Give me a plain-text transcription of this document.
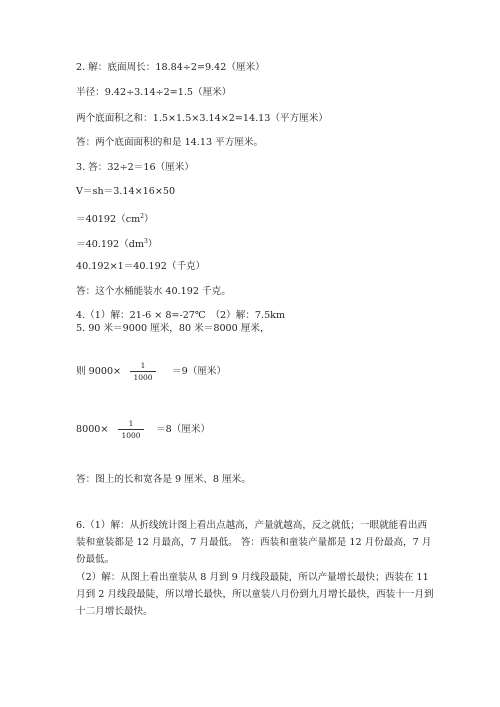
2. 解：底面周长：18.84÷2=9.42（厘米）
半径：9.42÷3.14÷2=1.5（厘米）
两个底面积之和：1.5×1.5×3.14×2=14.13（平方厘米）
答：两个底面面积的和是 14.13 平方厘米。
3. 答：32÷2＝16（厘米）
V＝sh＝3.14×16×50
$=40192(cm^2)$
$=40.192(dm^3)$
40.192×1＝40.192（千克）
答：这个水桶能装水 40.192 千克。
4.（1）解：21-6 × 8=-27℃　（2）解：7.5km
5. 90 米＝9000 厘米，80 米＝8000 厘米，
则 9000×
1
1000
＝9（厘米）
8000×
1
1000
＝8（厘米）
答：图上的长和宽各是 9 厘米、8 厘米。
6.（1）解：从折线统计图上看出点越高，产量就越高，反之就低；一眼就能看出西装和童装都是 12 月最高，7 月最低。 答：西装和童装产量都是 12 月份最高，7 月份最低。
（2）解：从图上看出童装从 8 月到 9 月线段最陡，所以产量增长最快；西装在 11 月到 2 月线段最陡，所以增长最快，所以童装八月份到九月增长最快，西装十一月到十二月增长最快。
